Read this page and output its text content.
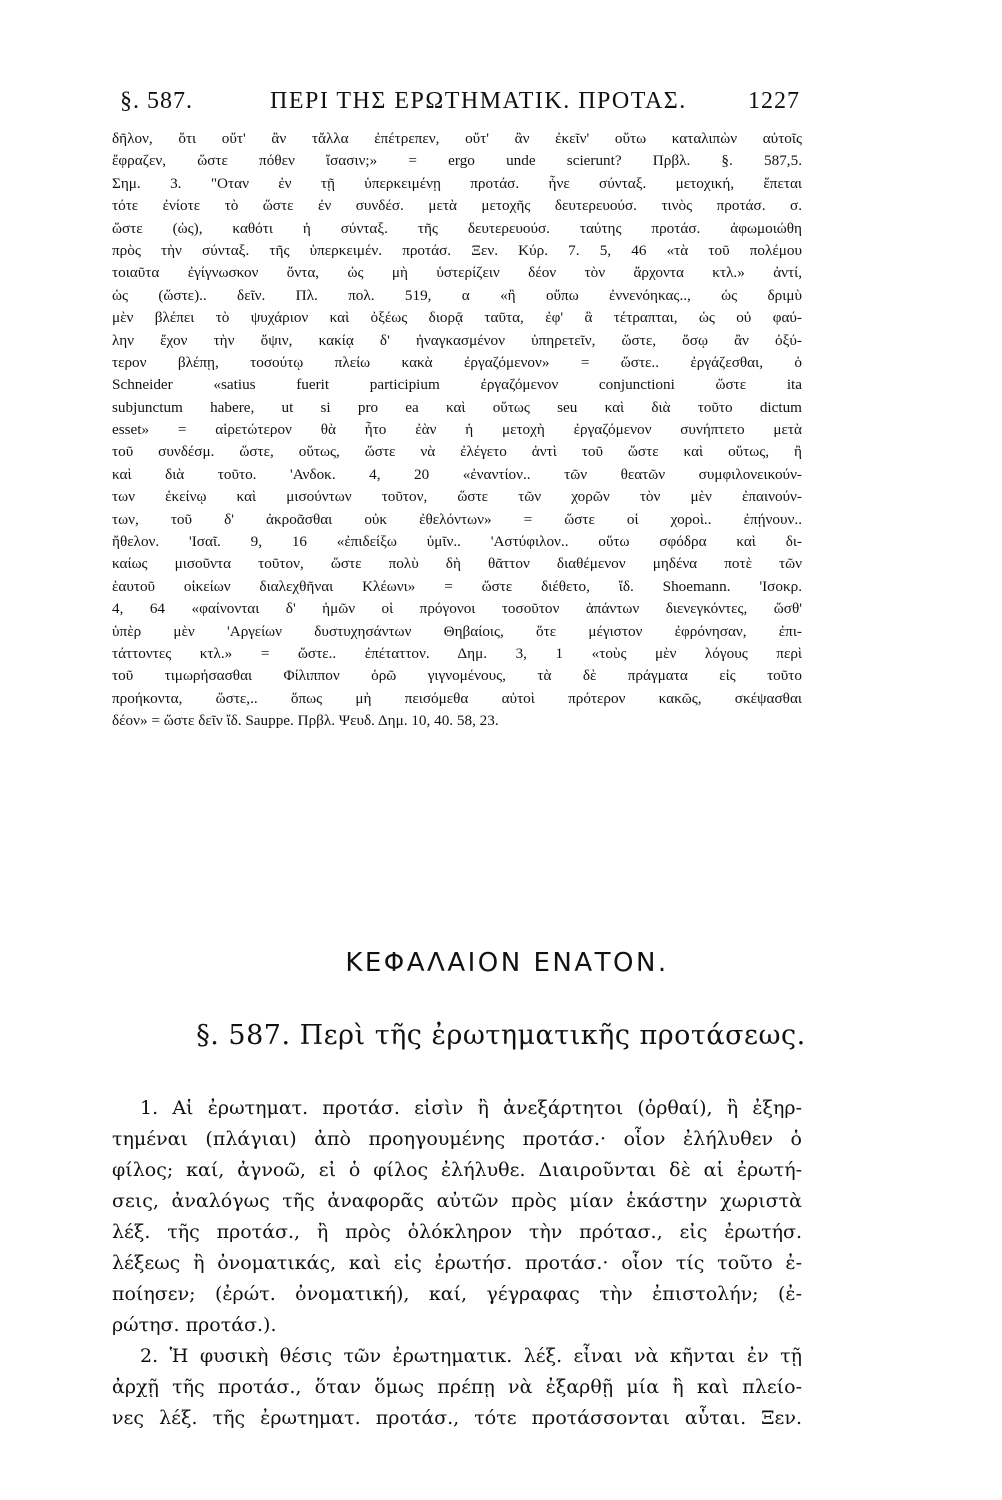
§. 587.	ΠΕΡΙ ΤΗΣ ΕΡΩΤΗΜΑΤΙΚ. ΠΡΟΤΑΣ.	1227
δῆλον, ὅτι οὔτ' ἂν τἄλλα ἐπέτρεπεν, οὔτ' ἂν ἐκεῖν' οὕτω καταλιπὼν αὐτοῖς
ἔφραζεν, ὥστε πόθεν ἴσασιν;» = ergo unde scierunt? Πρβλ. §. 587,5.
Σημ. 3. "Οταν ἐν τῇ ὑπερκειμένῃ προτάσ. ἦνε σύνταξ. μετοχική, ἕπεται
τότε ἐνίοτε τὸ ὥστε ἐν συνδέσ. μετὰ μετοχῆς δευτερευούσ. τινὸς προτάσ. σ.
ὥστε (ὡς), καθότι ἡ σύνταξ. τῆς δευτερευούσ. ταύτης προτάσ. ἀφωμοιώθη
πρὸς τὴν σύνταξ. τῆς ὑπερκειμέν. προτάσ. Ξεν. Κύρ. 7. 5, 46 «τὰ τοῦ πολέμου
τοιαῦτα ἐγίγνωσκον ὄντα, ὡς μὴ ὑστερίζειν δέον τὸν ἄρχοντα κτλ.» ἀντί,
ὡς (ὥστε).. δεῖν. Πλ. πολ. 519, α «ἢ οὔπω ἐννενόηκας.., ὡς δριμὺ
μὲν βλέπει τὸ ψυχάριον καὶ ὀξέως διορᾷ ταῦτα, ἐφ' ἃ τέτραπται, ὡς οὐ φαύ-
λην ἔχον τὴν ὄψιν, κακίᾳ δ' ἠναγκασμένον ὑπηρετεῖν, ὥστε, ὅσῳ ἂν ὀξύ-
τερον βλέπῃ, τοσούτῳ πλείω κακὰ ἐργαζόμενον» = ὥστε.. ἐργάζεσθαι, ὁ
Schneider «satius fuerit participium ἐργαζόμενον conjunctioni ὥστε ita
subjunctum habere, ut si pro ea καὶ οὕτως seu καὶ διὰ τοῦτο dictum
esset» = αἱρετώτερον θὰ ἦτο ἐὰν ἡ μετοχὴ ἐργαζόμενον συνήπτετο μετὰ
τοῦ συνδέσμ. ὥστε, οὕτως, ὥστε νὰ ἐλέγετο ἀντὶ τοῦ ὥστε καὶ οὕτως, ἢ
καὶ διὰ τοῦτο. 'Ανδοκ. 4, 20 «ἐναντίον.. τῶν θεατῶν συμφιλονεικούν-
των ἐκείνῳ καὶ μισούντων τοῦτον, ὥστε τῶν χορῶν τὸν μὲν ἐπαινούν-
των, τοῦ δ' ἀκροᾶσθαι οὐκ ἐθελόντων» = ὥστε οἱ χοροὶ.. ἐπῄνουν..
ἤθελον. 'Ισαῖ. 9, 16 «ἐπιδείξω ὑμῖν.. 'Αστύφιλον.. οὕτω σφόδρα καὶ δι-
καίως μισοῦντα τοῦτον, ὥστε πολὺ δὴ θᾶττον διαθέμενον μηδένα ποτὲ τῶν
ἑαυτοῦ οἰκείων διαλεχθῆναι Κλέωνι» = ὥστε διέθετο, ἴδ. Shoemann. 'Ισοκρ.
4, 64 «φαίνονται δ' ἡμῶν οἱ πρόγονοι τοσοῦτον ἁπάντων διενεγκόντες, ὥσθ'
ὑπὲρ μὲν 'Αργείων δυστυχησάντων Θηβαίοις, ὅτε μέγιστον ἐφρόνησαν, ἐπι-
τάττοντες κτλ.» = ὥστε.. ἐπέταττον. Δημ. 3, 1 «τοὺς μὲν λόγους περὶ
τοῦ τιμωρήσασθαι Φίλιππον ὁρῶ γιγνομένους, τὰ δὲ πράγματα εἰς τοῦτο
προήκοντα, ὥστε,.. ὅπως μὴ πεισόμεθα αὐτοὶ πρότερον κακῶς, σκέψασθαι
δέον» = ὥστε δεῖν ἴδ. Sauppe. Πρβλ. Ψευδ. Δημ. 10, 40. 58, 23.
ΚΕΦΑΛΑΙΟΝ ΕΝΑΤΟΝ.
§. 587. Περὶ τῆς ἐρωτηματικῆς προτάσεως.
1. Αἱ ἐρωτηματ. προτάσ. εἰσὶν ἢ ἀνεξάρτητοι (ὀρθαί), ἢ ἐξηρ-
τημέναι (πλάγιαι) ἀπὸ προηγουμένης προτάσ.· οἷον ἐλήλυθεν ὁ
φίλος; καί, ἀγνοῶ, εἰ ὁ φίλος ἐλήλυθε. Διαιροῦνται δὲ αἱ ἐρωτή-
σεις, ἀναλόγως τῆς ἀναφορᾶς αὐτῶν πρὸς μίαν ἑκάστην χωριστὰ
λέξ. τῆς προτάσ., ἢ πρὸς ὁλόκληρον τὴν πρότασ., εἰς ἐρωτήσ.
λέξεως ἢ ὀνοματικάς, καὶ εἰς ἐρωτήσ. προτάσ.· οἷον τίς τοῦτο ἐ-
ποίησεν; (ἐρώτ. ὀνοματική), καί, γέγραφας τὴν ἐπιστολήν; (ἐ-
ρώτησ. προτάσ.).
2. Ἡ φυσικὴ θέσις τῶν ἐρωτηματικ. λέξ. εἶναι νὰ κῆνται ἐν τῇ
ἀρχῇ τῆς προτάσ., ὅταν ὅμως πρέπῃ νὰ ἐξαρθῇ μία ἢ καὶ πλείο-
νες λέξ. τῆς ἐρωτηματ. προτάσ., τότε προτάσσονται αὗται. Ξεν.
